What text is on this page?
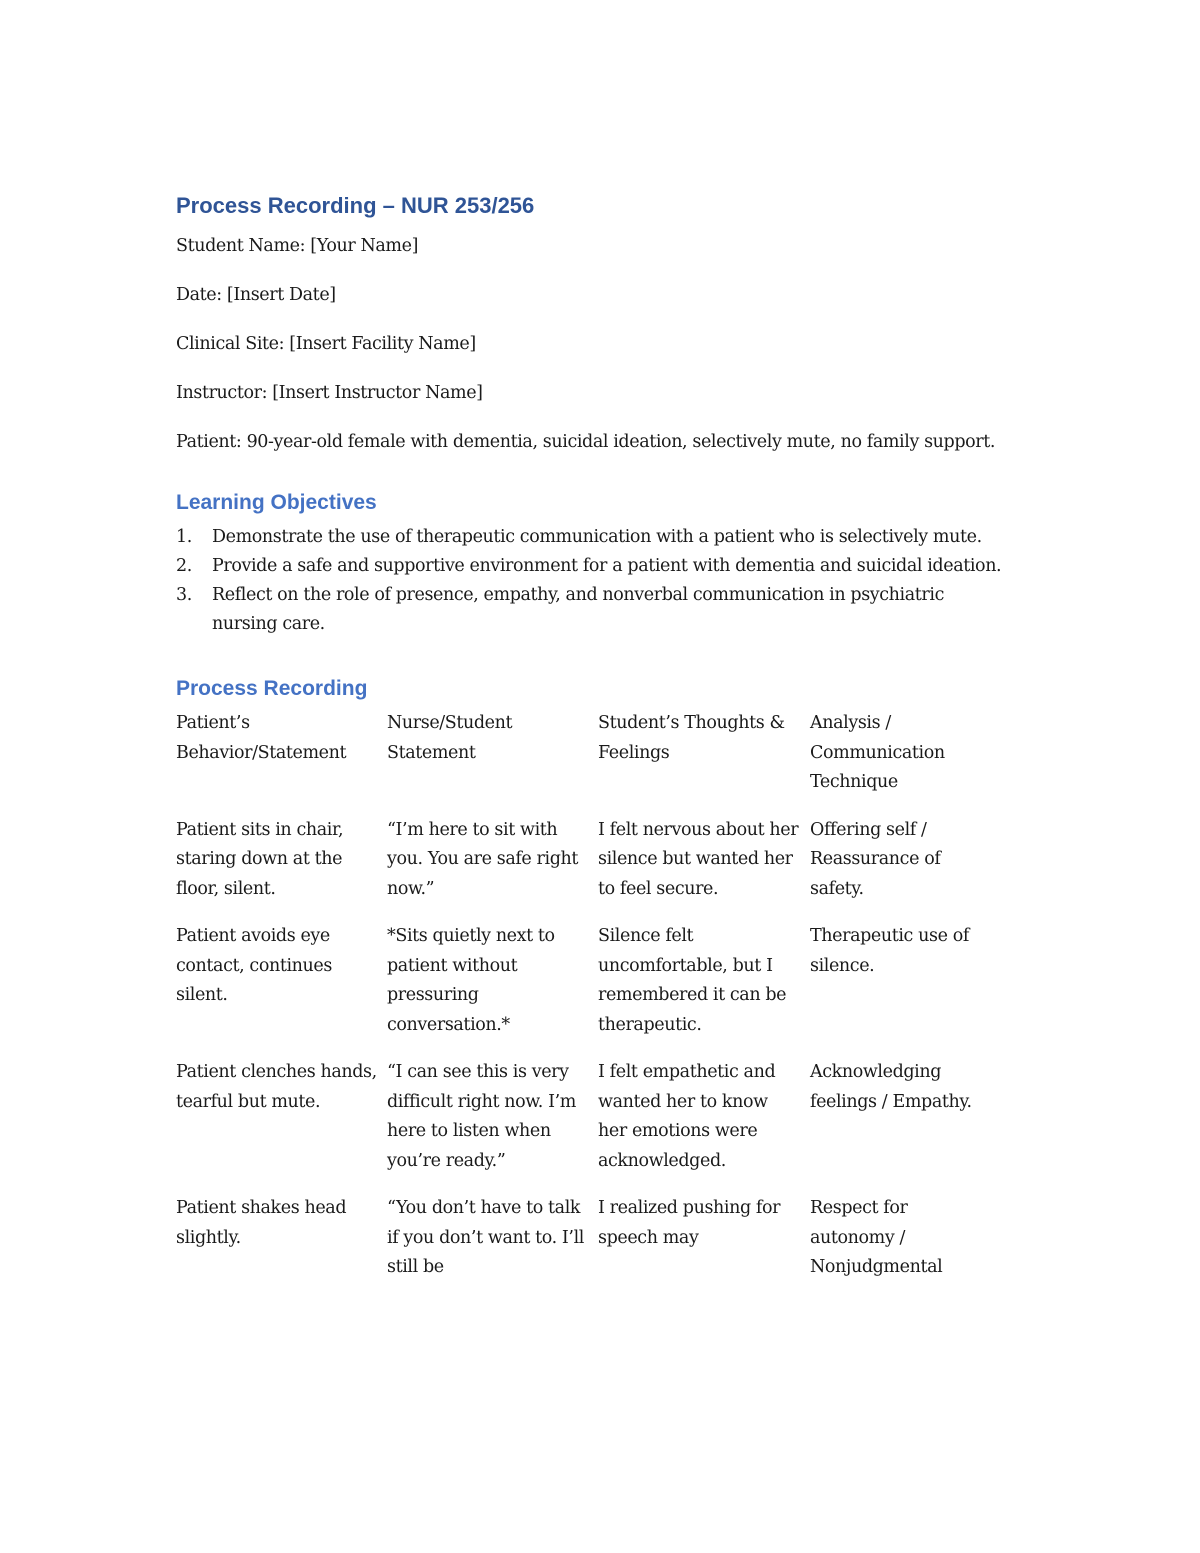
Process Recording – NUR 253/256

Student Name: [Your Name]

Date: [Insert Date]

Clinical Site: [Insert Facility Name]

Instructor: [Insert Instructor Name]

Patient: 90-year-old female with dementia, suicidal ideation, selectively mute, no family support.

Learning Objectives
1. Demonstrate the use of therapeutic communication with a patient who is selectively mute.
2. Provide a safe and supportive environment for a patient with dementia and suicidal ideation.
3. Reflect on the role of presence, empathy, and nonverbal communication in psychiatric nursing care.
Process Recording
Patient’s Behavior/Statement
Nurse/Student Statement
Student’s Thoughts & Feelings
Analysis / Communication Technique
Patient sits in chair, staring down at the floor, silent.
“I’m here to sit with you. You are safe right now.”
I felt nervous about her silence but wanted her to feel secure.
Offering self / Reassurance of safety.
Patient avoids eye contact, continues silent.
*Sits quietly next to patient without pressuring conversation.*
Silence felt uncomfortable, but I remembered it can be therapeutic.
Therapeutic use of silence.
Patient clenches hands, tearful but mute.
“I can see this is very difficult right now. I’m here to listen when you’re ready.”
I felt empathetic and wanted her to know her emotions were acknowledged.
Acknowledging feelings / Empathy.
Patient shakes head slightly.
“You don’t have to talk if you don’t want to. I’ll still be
I realized pushing for speech may
Respect for autonomy / Nonjudgmental
